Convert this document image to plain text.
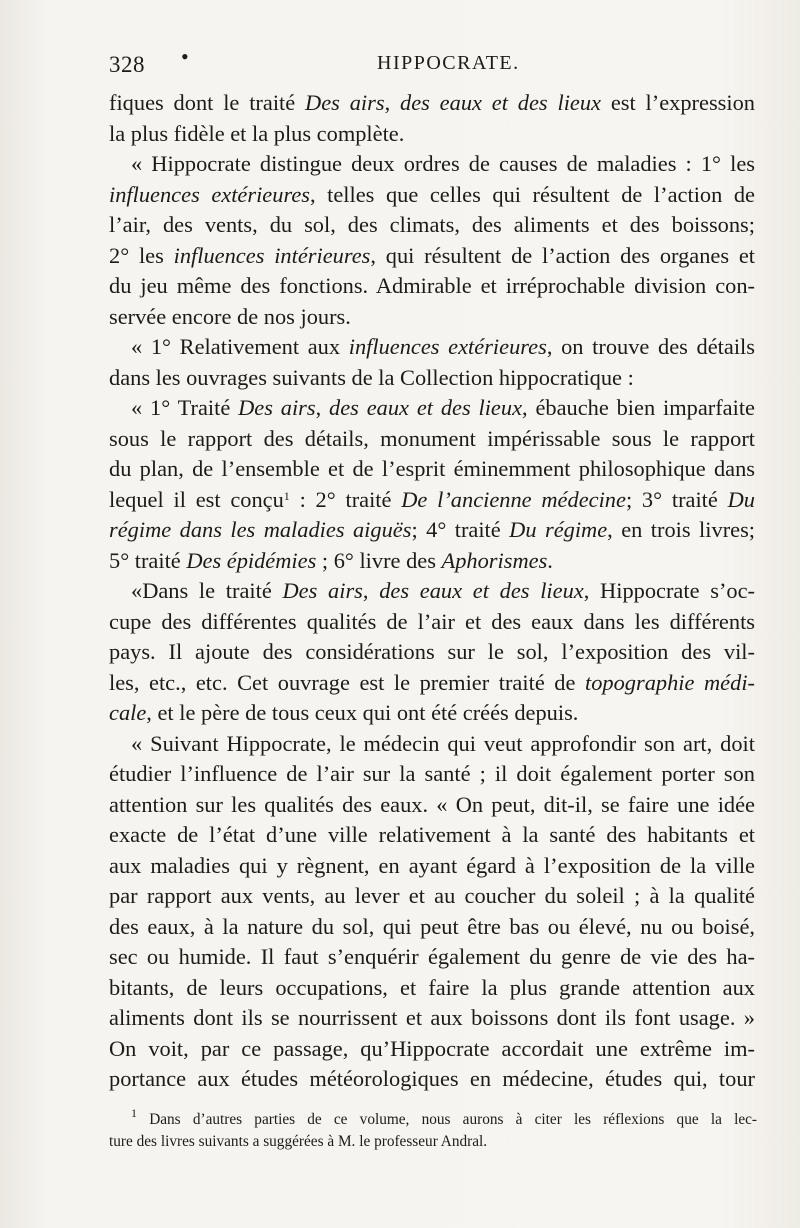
328 •	HIPPOCRATE.
fiques dont le traité Des airs, des eaux et des lieux est l’expression
la plus fidèle et la plus complète.
« Hippocrate distingue deux ordres de causes de maladies : 1° les
influences extérieures, telles que celles qui résultent de l’action de
l’air, des vents, du sol, des climats, des aliments et des boissons;
2° les influences intérieures, qui résultent de l’action des organes et
du jeu même des fonctions. Admirable et irréprochable division con-
servée encore de nos jours.
« 1° Relativement aux influences extérieures, on trouve des détails
dans les ouvrages suivants de la Collection hippocratique :
« 1° Traité Des airs, des eaux et des lieux, ébauche bien imparfaite
sous le rapport des détails, monument impérissable sous le rapport
du plan, de l’ensemble et de l’esprit éminemment philosophique dans
lequel il est conçu$^1$ : 2° traité De l’ancienne médecine; 3° traité Du
régime dans les maladies aiguës; 4° traité Du régime, en trois livres;
5° traité Des épidémies ; 6° livre des Aphorismes.
«Dans le traité Des airs, des eaux et des lieux, Hippocrate s’oc-
cupe des différentes qualités de l’air et des eaux dans les différents
pays. Il ajoute des considérations sur le sol, l’exposition des vil-
les, etc., etc. Cet ouvrage est le premier traité de topographie médi-
cale, et le père de tous ceux qui ont été créés depuis.
« Suivant Hippocrate, le médecin qui veut approfondir son art, doit
étudier l’influence de l’air sur la santé ; il doit également porter son
attention sur les qualités des eaux. « On peut, dit-il, se faire une idée
exacte de l’état d’une ville relativement à la santé des habitants et
aux maladies qui y règnent, en ayant égard à l’exposition de la ville
par rapport aux vents, au lever et au coucher du soleil ; à la qualité
des eaux, à la nature du sol, qui peut être bas ou élevé, nu ou boisé,
sec ou humide. Il faut s’enquérir également du genre de vie des ha-
bitants, de leurs occupations, et faire la plus grande attention aux
aliments dont ils se nourrissent et aux boissons dont ils font usage. »
On voit, par ce passage, qu’Hippocrate accordait une extrême im-
portance aux études météorologiques en médecine, études qui, tour
$^1$ Dans d’autres parties de ce volume, nous aurons à citer les réflexions que la lec-
ture des livres suivants a suggérées à M. le professeur Andral.
